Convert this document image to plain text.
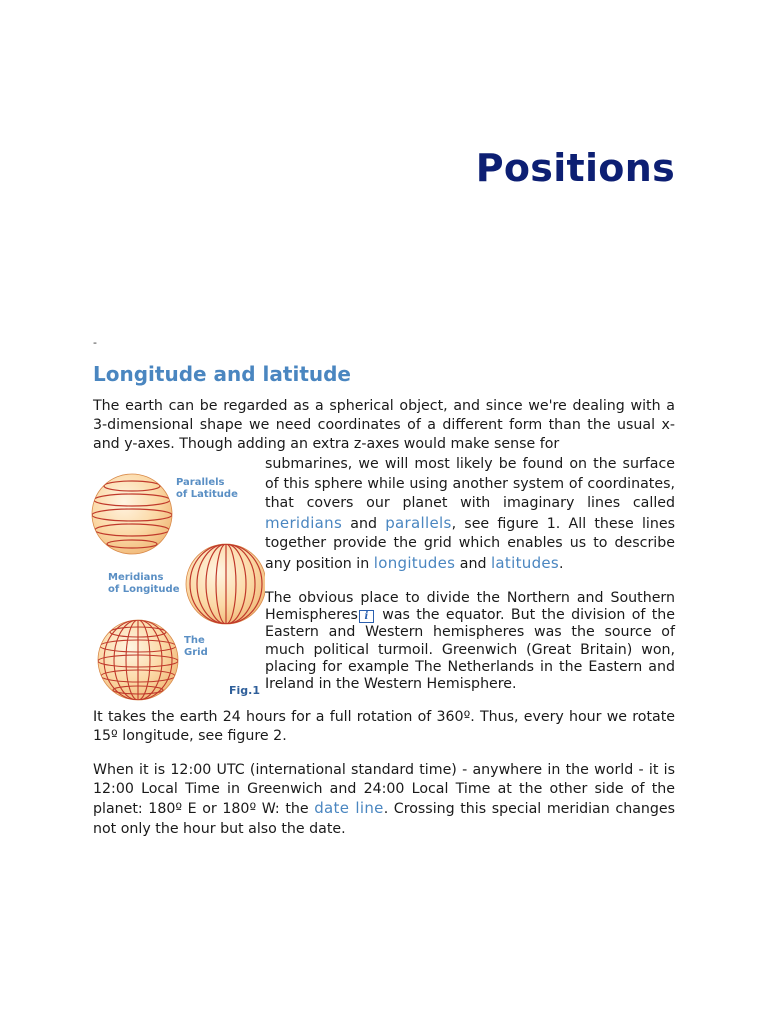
Positions
-
Longitude and latitude

The earth can be regarded as a spherical object, and since we're dealing with a 3-dimensional shape we need coordinates of a different form than the usual x- and y-axes. Though adding an extra z-axes would make sense for

submarines, we will most likely be found on the surface of this sphere while using another system of coordinates, that covers our planet with imaginary lines called meridians and parallels, see figure 1. All these lines together provide the grid which enables us to describe any position in longitudes and latitudes.

The obvious place to divide the Northern and Southern Hemispheres i was the equator. But the division of the Eastern and Western hemispheres was the source of much political turmoil. Greenwich (Great Britain) won, placing for example The Netherlands in the Eastern and Ireland in the Western Hemisphere.

It takes the earth 24 hours for a full rotation of 360º. Thus, every hour we rotate 15º longitude, see figure 2.

When it is 12:00 UTC (international standard time) - anywhere in the world - it is 12:00 Local Time in Greenwich and 24:00 Local Time at the other side of the planet: 180º E or 180º W: the date line. Crossing this special meridian changes not only the hour but also the date.

Parallels
of Latitude
Meridians
of Longitude
The
Grid
Fig.1
